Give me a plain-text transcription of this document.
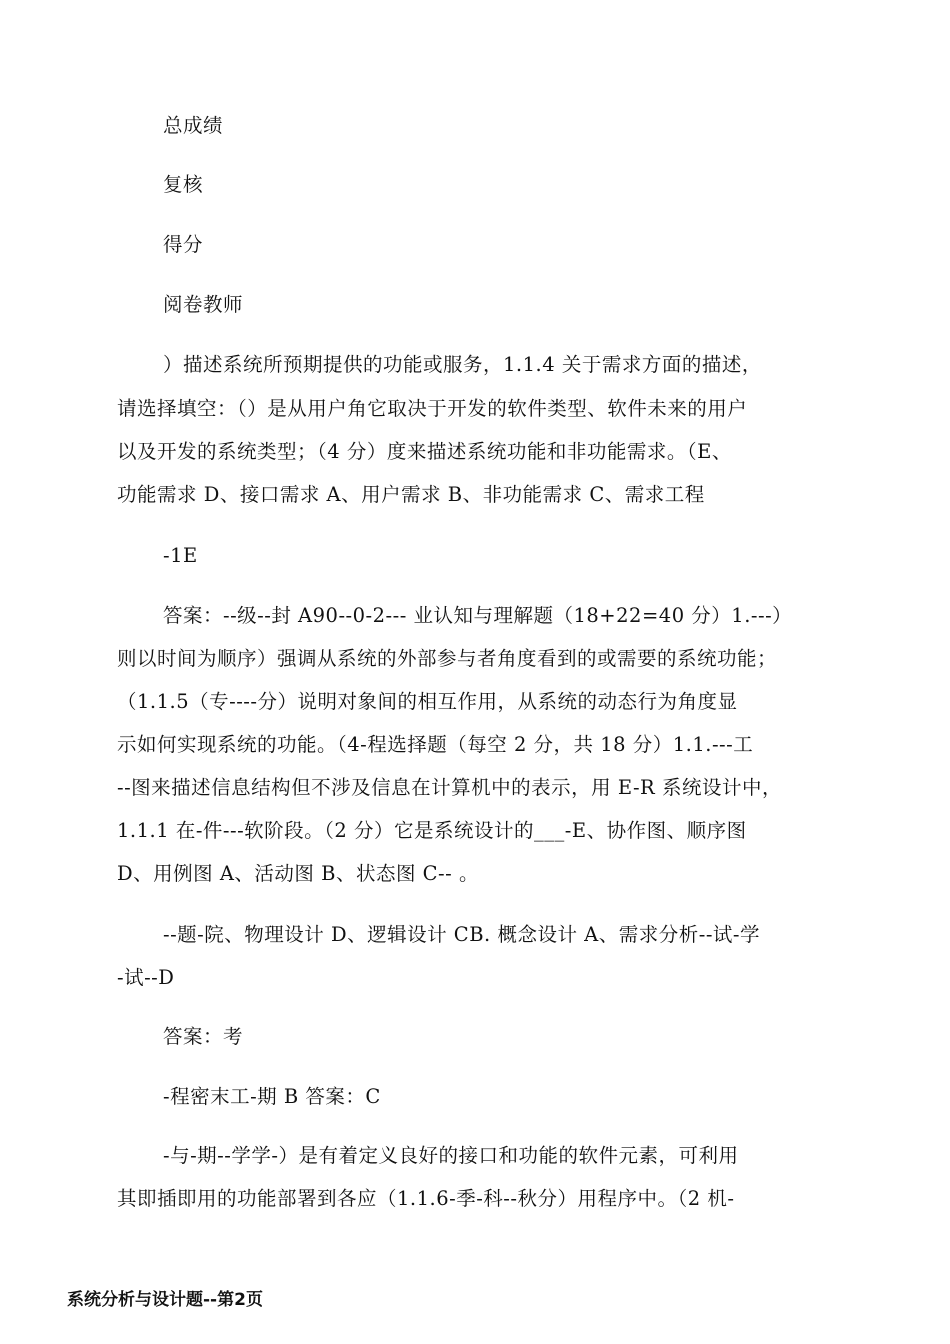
总成绩
复核
得分
阅卷教师
）描述系统所预期提供的功能或服务，1.1.4 关于需求方面的描述，
请选择填空：（）是从用户角它取决于开发的软件类型、软件未来的用户
以及开发的系统类型；（4 分）度来描述系统功能和非功能需求。（E、
功能需求 D、接口需求 A、用户需求 B、非功能需求 C、需求工程
-1E
答案：--级--封 A90--0-2--- 业认知与理解题（18+22=40 分）1.---）
则以时间为顺序）强调从系统的外部参与者角度看到的或需要的系统功能；
（1.1.5（专----分）说明对象间的相互作用，从系统的动态行为角度显
示如何实现系统的功能。（4-程选择题（每空 2 分，共 18 分）1.1.---工
--图来描述信息结构但不涉及信息在计算机中的表示，用 E-R 系统设计中，
1.1.1 在-件---软阶段。（2 分）它是系统设计的___-E、协作图、顺序图
D、用例图 A、活动图 B、状态图 C-- 。
--题-院、物理设计 D、逻辑设计 CB. 概念设计 A、需求分析--试-学
-试--D
答案：考
-程密末工-期 B 答案：C
-与-期--学学-）是有着定义良好的接口和功能的软件元素，可利用
其即插即用的功能部署到各应（1.1.6-季-科--秋分）用程序中。（2 机-
系统分析与设计题--第2页
